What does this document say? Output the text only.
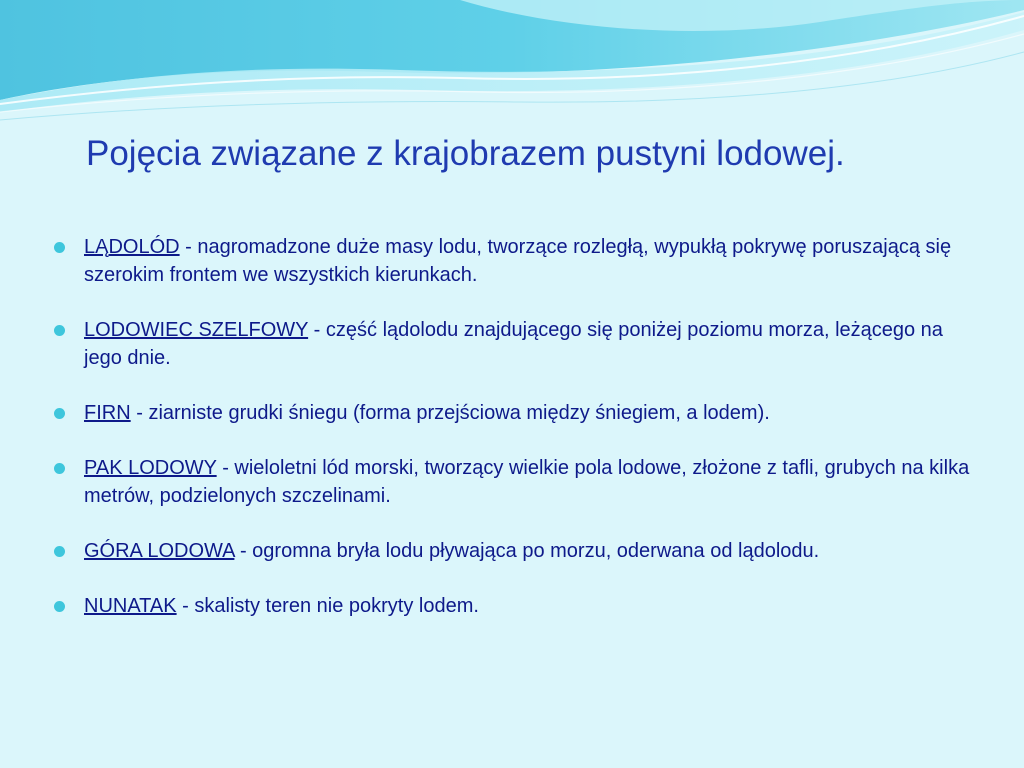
Pojęcia związane z krajobrazem pustyni lodowej.
LĄDOLÓD - nagromadzone duże masy lodu, tworzące rozległą, wypukłą pokrywę poruszającą się szerokim frontem we wszystkich kierunkach.
LODOWIEC SZELFOWY - część lądolodu znajdującego się poniżej poziomu morza, leżącego na jego dnie.
FIRN - ziarniste grudki śniegu (forma przejściowa między śniegiem, a lodem).
PAK LODOWY - wieloletni lód morski, tworzący wielkie pola lodowe, złożone z tafli, grubych na kilka metrów, podzielonych szczelinami.
GÓRA LODOWA - ogromna bryła lodu pływająca po morzu, oderwana od lądolodu.
NUNATAK - skalisty teren nie pokryty lodem.
